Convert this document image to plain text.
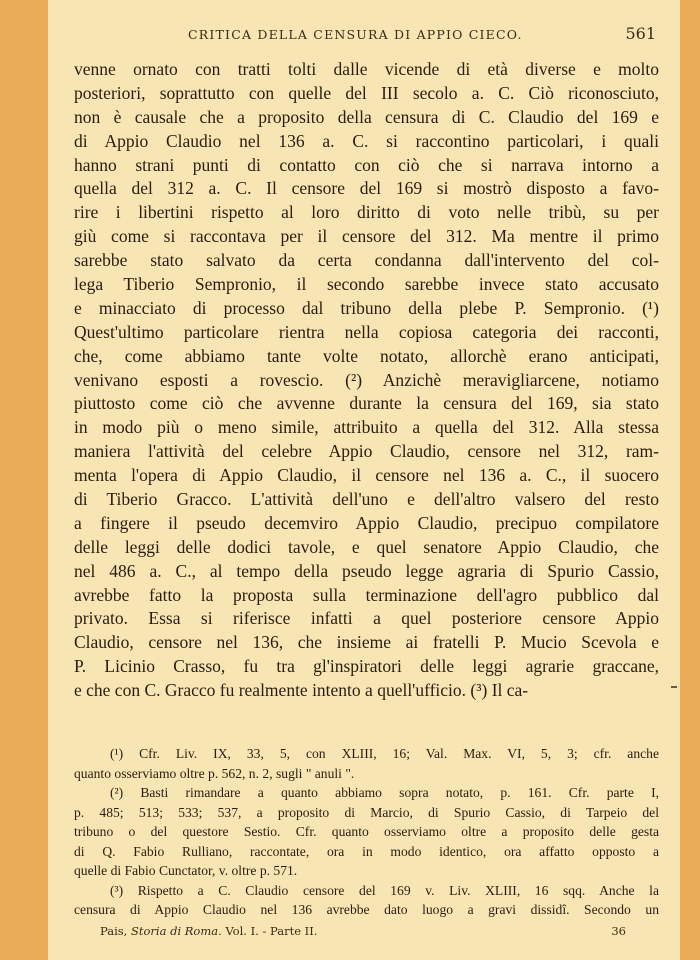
CRITICA DELLA CENSURA DI APPIO CIECO.	561
venne ornato con tratti tolti dalle vicende di età diverse e molto
posteriori, soprattutto con quelle del III secolo a. C. Ciò riconosciuto,
non è causale che a proposito della censura di C. Claudio del 169 e
di Appio Claudio nel 136 a. C. si raccontino particolari, i quali
hanno strani punti di contatto con ciò che si narrava intorno a
quella del 312 a. C. Il censore del 169 si mostrò disposto a favo-
rire i libertini rispetto al loro diritto di voto nelle tribù, su per
giù come si raccontava per il censore del 312. Ma mentre il primo
sarebbe stato salvato da certa condanna dall'intervento del col-
lega Tiberio Sempronio, il secondo sarebbe invece stato accusato
e minacciato di processo dal tribuno della plebe P. Sempronio. (¹)
Quest'ultimo particolare rientra nella copiosa categoria dei racconti,
che, come abbiamo tante volte notato, allorchè erano anticipati,
venivano esposti a rovescio. (²) Anzichè meravigliarcene, notiamo
piuttosto come ciò che avvenne durante la censura del 169, sia stato
in modo più o meno simile, attribuito a quella del 312. Alla stessa
maniera l'attività del celebre Appio Claudio, censore nel 312, ram-
menta l'opera di Appio Claudio, il censore nel 136 a. C., il suocero
di Tiberio Gracco. L'attività dell'uno e dell'altro valsero del resto
a fingere il pseudo decemviro Appio Claudio, precipuo compilatore
delle leggi delle dodici tavole, e quel senatore Appio Claudio, che
nel 486 a. C., al tempo della pseudo legge agraria di Spurio Cassio,
avrebbe fatto la proposta sulla terminazione dell'agro pubblico dal
privato. Essa si riferisce infatti a quel posteriore censore Appio
Claudio, censore nel 136, che insieme ai fratelli P. Mucio Scevola e
P. Licinio Crasso, fu tra gl'inspiratori delle leggi agrarie graccane,
e che con C. Gracco fu realmente intento a quell'ufficio. (³) Il ca-
(¹) Cfr. Liv. IX, 33, 5, con XLIII, 16; Val. Max. VI, 5, 3; cfr. anche
quanto osserviamo oltre p. 562, n. 2, sugli " anuli ".
(²) Basti rimandare a quanto abbiamo sopra notato, p. 161. Cfr. parte I,
p. 485; 513; 533; 537, a proposito di Marcio, di Spurio Cassio, di Tarpeio del
tribuno o del questore Sestio. Cfr. quanto osserviamo oltre a proposito delle gesta
di Q. Fabio Rulliano, raccontate, ora in modo identico, ora affatto opposto a
quelle di Fabio Cunctator, v. oltre p. 571.
(³) Rispetto a C. Claudio censore del 169 v. Liv. XLIII, 16 sqq. Anche la
censura di Appio Claudio nel 136 avrebbe dato luogo a gravi dissidî. Secondo un
Pais, Storia di Roma. Vol. I. - Parte II.	36
